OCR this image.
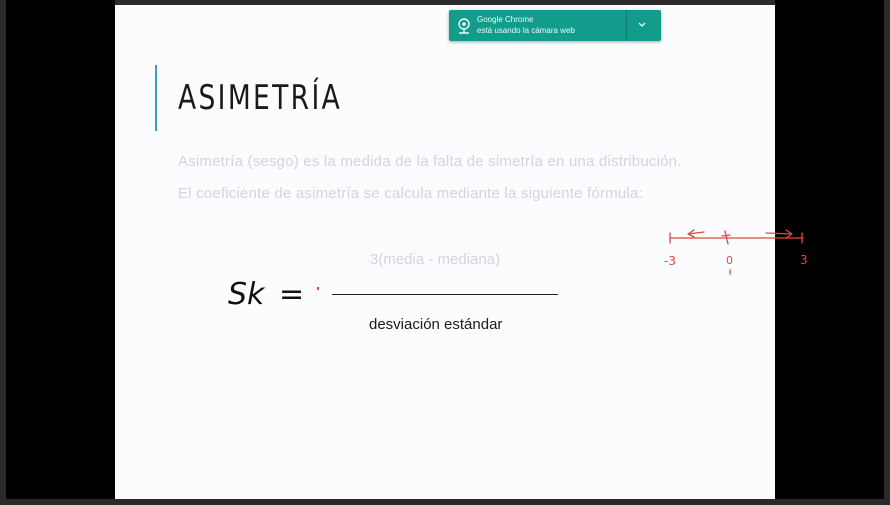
ASIMETRÍA
Asimetría (sesgo) es la medida de la falta de simetría en una distribución.
El coeficiente de asimetría se calcula mediante la siguiente fórmula:
Sk =
3(media - mediana)
desviación estándar
-3	0	3
Google Chrome
está usando la cámara web
